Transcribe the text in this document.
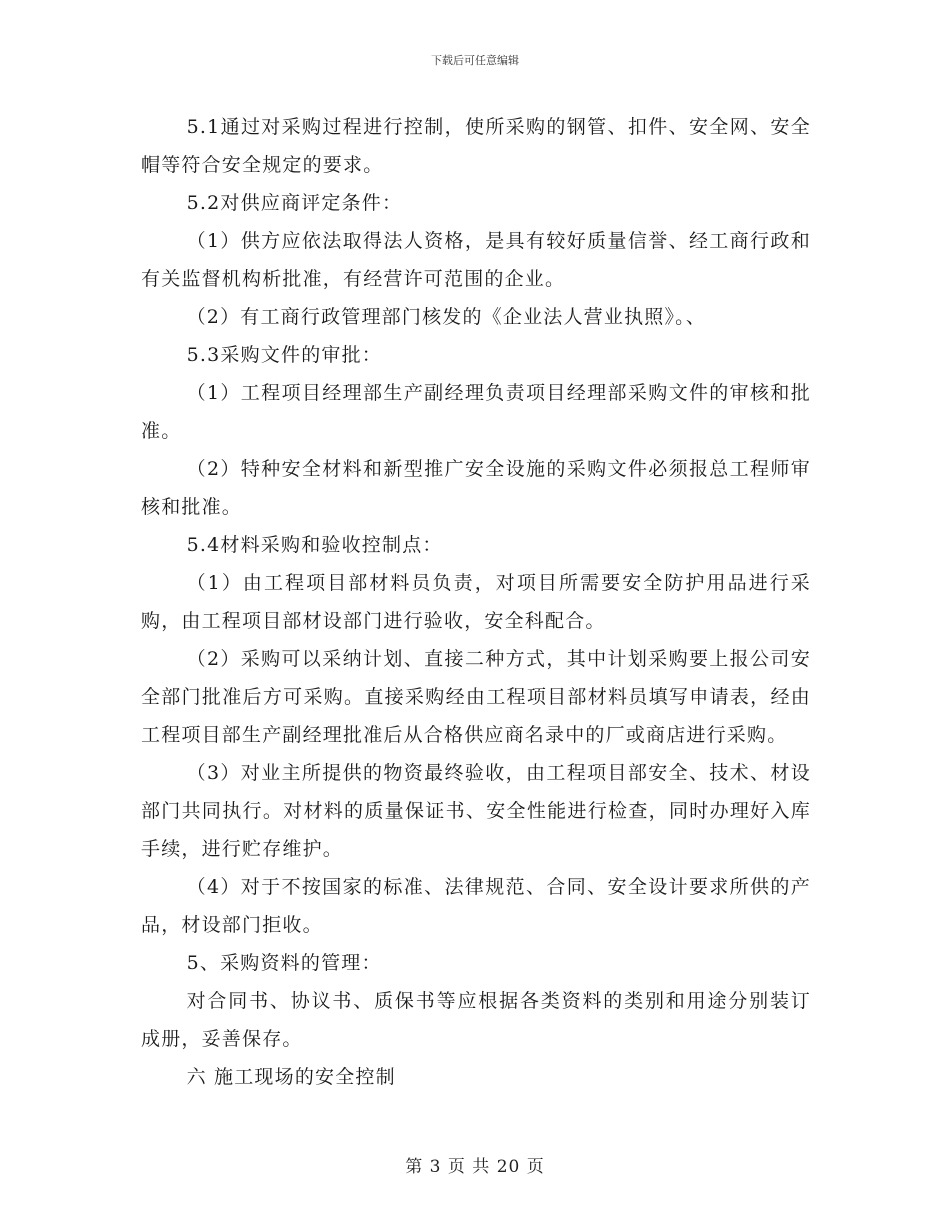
下载后可任意编辑

5.1通过对采购过程进行控制，使所采购的钢管、扣件、安全网、安全帽等符合安全规定的要求。

5.2对供应商评定条件：

（1）供方应依法取得法人资格，是具有较好质量信誉、经工商行政和有关监督机构析批准，有经营许可范围的企业。

（2）有工商行政管理部门核发的《企业法人营业执照》。、

5.3采购文件的审批：

（1）工程项目经理部生产副经理负责项目经理部采购文件的审核和批准。

（2）特种安全材料和新型推广安全设施的采购文件必须报总工程师审核和批准。

5.4材料采购和验收控制点：

（1）由工程项目部材料员负责，对项目所需要安全防护用品进行采购，由工程项目部材设部门进行验收，安全科配合。

（2）采购可以采纳计划、直接二种方式，其中计划采购要上报公司安全部门批准后方可采购。直接采购经由工程项目部材料员填写申请表，经由工程项目部生产副经理批准后从合格供应商名录中的厂或商店进行采购。

（3）对业主所提供的物资最终验收，由工程项目部安全、技术、材设部门共同执行。对材料的质量保证书、安全性能进行检查，同时办理好入库手续，进行贮存维护。

（4）对于不按国家的标准、法律规范、合同、安全设计要求所供的产品，材设部门拒收。

5、采购资料的管理：

对合同书、协议书、质保书等应根据各类资料的类别和用途分别装订成册，妥善保存。

六 施工现场的安全控制

第 3 页 共 20 页
